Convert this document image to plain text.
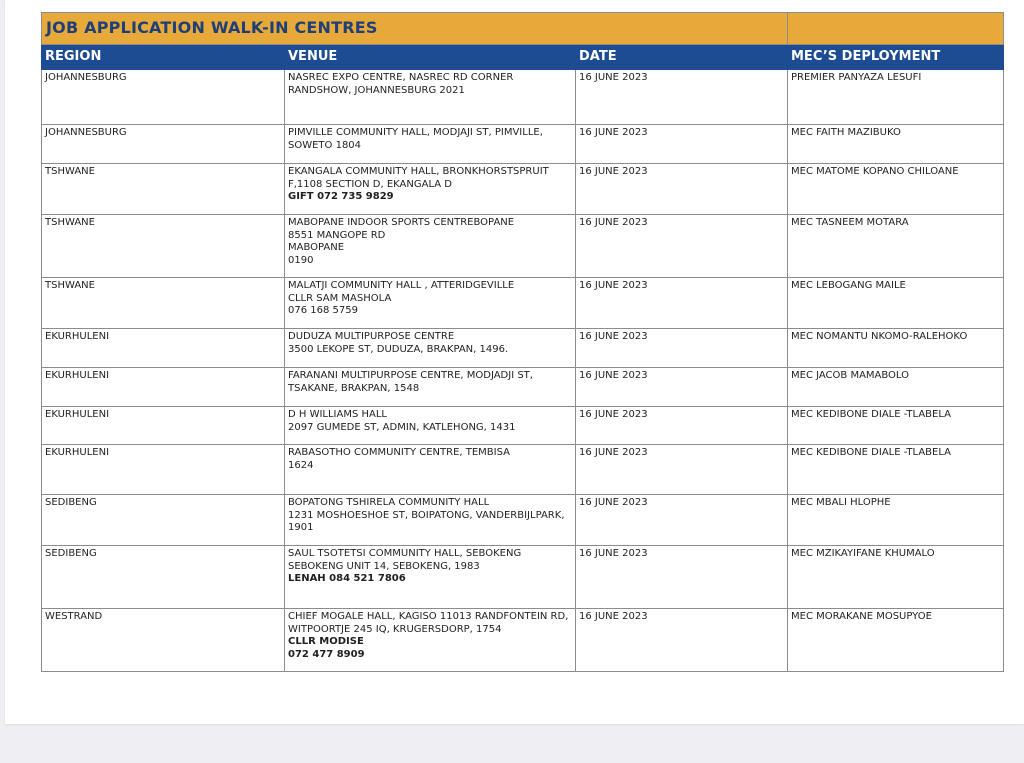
JOB APPLICATION WALK-IN CENTRES			
REGION	VENUE	DATE	MEC’S DEPLOYMENT
JOHANNESBURG	NASREC EXPO CENTRE, NASREC RD CORNER
RANDSHOW, JOHANNESBURG 2021	16 JUNE 2023	PREMIER PANYAZA LESUFI
JOHANNESBURG	PIMVILLE COMMUNITY HALL, MODJAJI ST, PIMVILLE,
SOWETO 1804	16 JUNE 2023	MEC FAITH MAZIBUKO
TSHWANE	EKANGALA COMMUNITY HALL, BRONKHORSTSPRUIT
F,1108 SECTION D, EKANGALA D
GIFT 072 735 9829	16 JUNE 2023	MEC MATOME KOPANO CHILOANE
TSHWANE	MABOPANE INDOOR SPORTS CENTREBOPANE
8551 MANGOPE RD
MABOPANE
0190	16 JUNE 2023	MEC TASNEEM MOTARA
TSHWANE	MALATJI COMMUNITY HALL , ATTERIDGEVILLE
CLLR SAM MASHOLA
076 168 5759	16 JUNE 2023	MEC LEBOGANG MAILE
EKURHULENI	DUDUZA MULTIPURPOSE CENTRE
3500 LEKOPE ST, DUDUZA, BRAKPAN, 1496.	16 JUNE 2023	MEC NOMANTU NKOMO-RALEHOKO
EKURHULENI	FARANANI MULTIPURPOSE CENTRE, MODJADJI ST,
TSAKANE, BRAKPAN, 1548	16 JUNE 2023	MEC JACOB MAMABOLO
EKURHULENI	D H WILLIAMS HALL
2097 GUMEDE ST, ADMIN, KATLEHONG, 1431	16 JUNE 2023	MEC KEDIBONE DIALE -TLABELA
EKURHULENI	RABASOTHO COMMUNITY CENTRE, TEMBISA
1624	16 JUNE 2023	MEC KEDIBONE DIALE -TLABELA
SEDIBENG	BOPATONG TSHIRELA COMMUNITY HALL
1231 MOSHOESHOE ST, BOIPATONG, VANDERBIJLPARK,
1901	16 JUNE 2023	MEC MBALI HLOPHE
SEDIBENG	SAUL TSOTETSI COMMUNITY HALL, SEBOKENG
SEBOKENG UNIT 14, SEBOKENG, 1983
LENAH 084 521 7806	16 JUNE 2023	MEC MZIKAYIFANE KHUMALO
WESTRAND	CHIEF MOGALE HALL, KAGISO 11013 RANDFONTEIN RD,
WITPOORTJE 245 IQ, KRUGERSDORP, 1754
CLLR MODISE
072 477 8909	16 JUNE 2023	MEC MORAKANE MOSUPYOE
